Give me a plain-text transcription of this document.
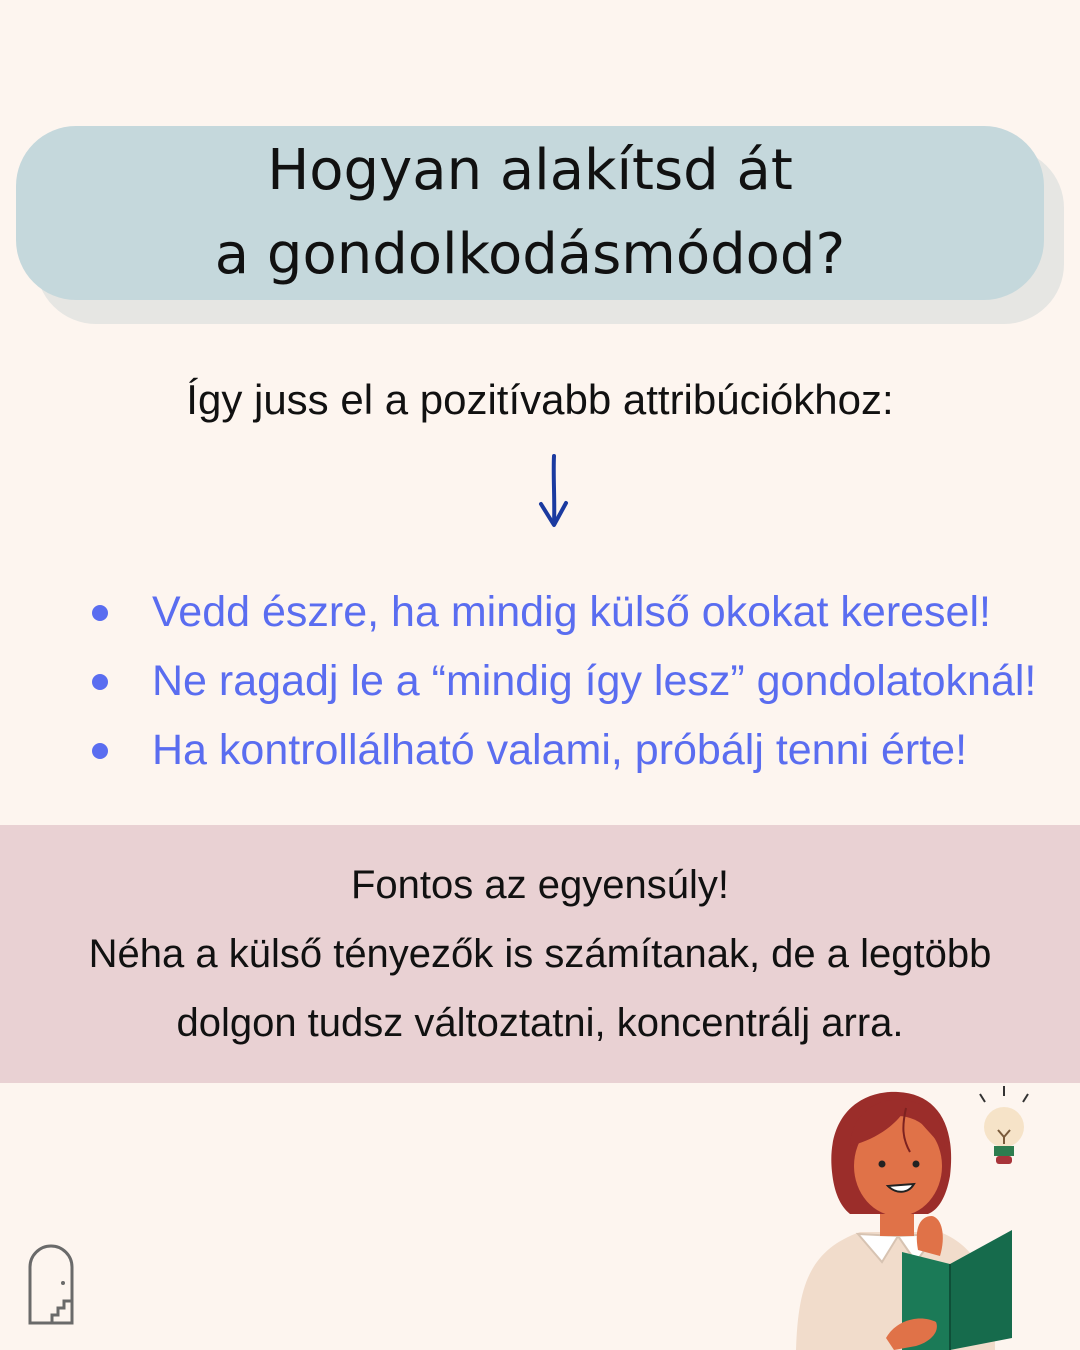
Hogyan alakítsd át
a gondolkodásmódod?
Így juss el a pozitívabb attribúciókhoz:
Vedd észre, ha mindig külső okokat keresel!
Ne ragadj le a “mindig így lesz” gondolatoknál!
Ha kontrollálható valami, próbálj tenni érte!
Fontos az egyensúly!
Néha a külső tényezők is számítanak, de a legtöbb
dolgon tudsz változtatni, koncentrálj arra.
